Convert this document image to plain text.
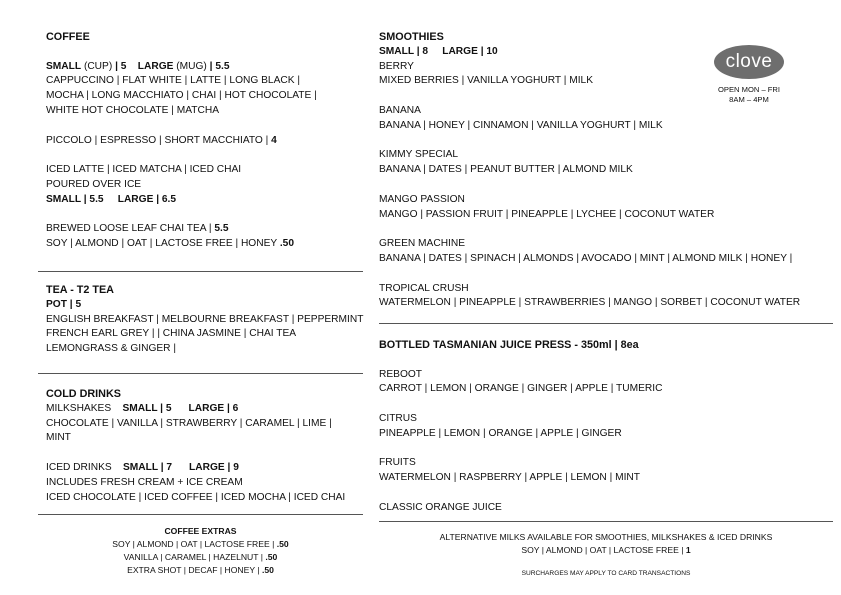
COFFEE
SMALL (CUP) | 5 LARGE (MUG) | 5.5
CAPPUCCINO | FLAT WHITE | LATTE | LONG BLACK |
MOCHA | LONG MACCHIATO | CHAI | HOT CHOCOLATE |
WHITE HOT CHOCOLATE | MATCHA
PICCOLO | ESPRESSO | SHORT MACCHIATO | 4
ICED LATTE | ICED MATCHA | ICED CHAI
POURED OVER ICE
SMALL | 5.5     LARGE | 6.5
BREWED LOOSE LEAF CHAI TEA | 5.5
SOY | ALMOND | OAT | LACTOSE FREE | HONEY .50
TEA - T2 TEA
POT | 5
ENGLISH BREAKFAST | MELBOURNE BREAKFAST | PEPPERMINT
FRENCH EARL GREY | | CHINA JASMINE | CHAI TEA
LEMONGRASS & GINGER |
COLD DRINKS
MILKSHAKES SMALL | 5      LARGE | 6
CHOCOLATE | VANILLA | STRAWBERRY | CARAMEL | LIME |
MINT
ICED DRINKS SMALL | 7      LARGE | 9
INCLUDES FRESH CREAM + ICE CREAM
ICED CHOCOLATE | ICED COFFEE | ICED MOCHA | ICED CHAI
COFFEE EXTRAS
SOY | ALMOND | OAT | LACTOSE FREE | .50
VANILLA | CARAMEL | HAZELNUT | .50
EXTRA SHOT | DECAF | HONEY | .50
SMOOTHIES
SMALL | 8     LARGE | 10
BERRY
MIXED BERRIES | VANILLA YOGHURT | MILK
BANANA
BANANA | HONEY | CINNAMON | VANILLA YOGHURT | MILK
KIMMY SPECIAL
BANANA | DATES | PEANUT BUTTER | ALMOND MILK
MANGO PASSION
MANGO | PASSION FRUIT | PINEAPPLE | LYCHEE | COCONUT WATER
GREEN MACHINE
BANANA | DATES | SPINACH | ALMONDS | AVOCADO | MINT | ALMOND MILK | HONEY |
TROPICAL CRUSH
WATERMELON | PINEAPPLE | STRAWBERRIES | MANGO | SORBET | COCONUT WATER
clove
OPEN MON – FRI
8AM – 4PM
BOTTLED TASMANIAN JUICE PRESS - 350ml | 8ea
REBOOT
CARROT | LEMON | ORANGE | GINGER | APPLE | TUMERIC
CITRUS
PINEAPPLE | LEMON | ORANGE | APPLE | GINGER
FRUITS
WATERMELON | RASPBERRY | APPLE | LEMON | MINT
CLASSIC ORANGE JUICE
ALTERNATIVE MILKS AVAILABLE FOR SMOOTHIES, MILKSHAKES & ICED DRINKS
SOY | ALMOND | OAT | LACTOSE FREE | 1
SURCHARGES MAY APPLY TO CARD TRANSACTIONS
